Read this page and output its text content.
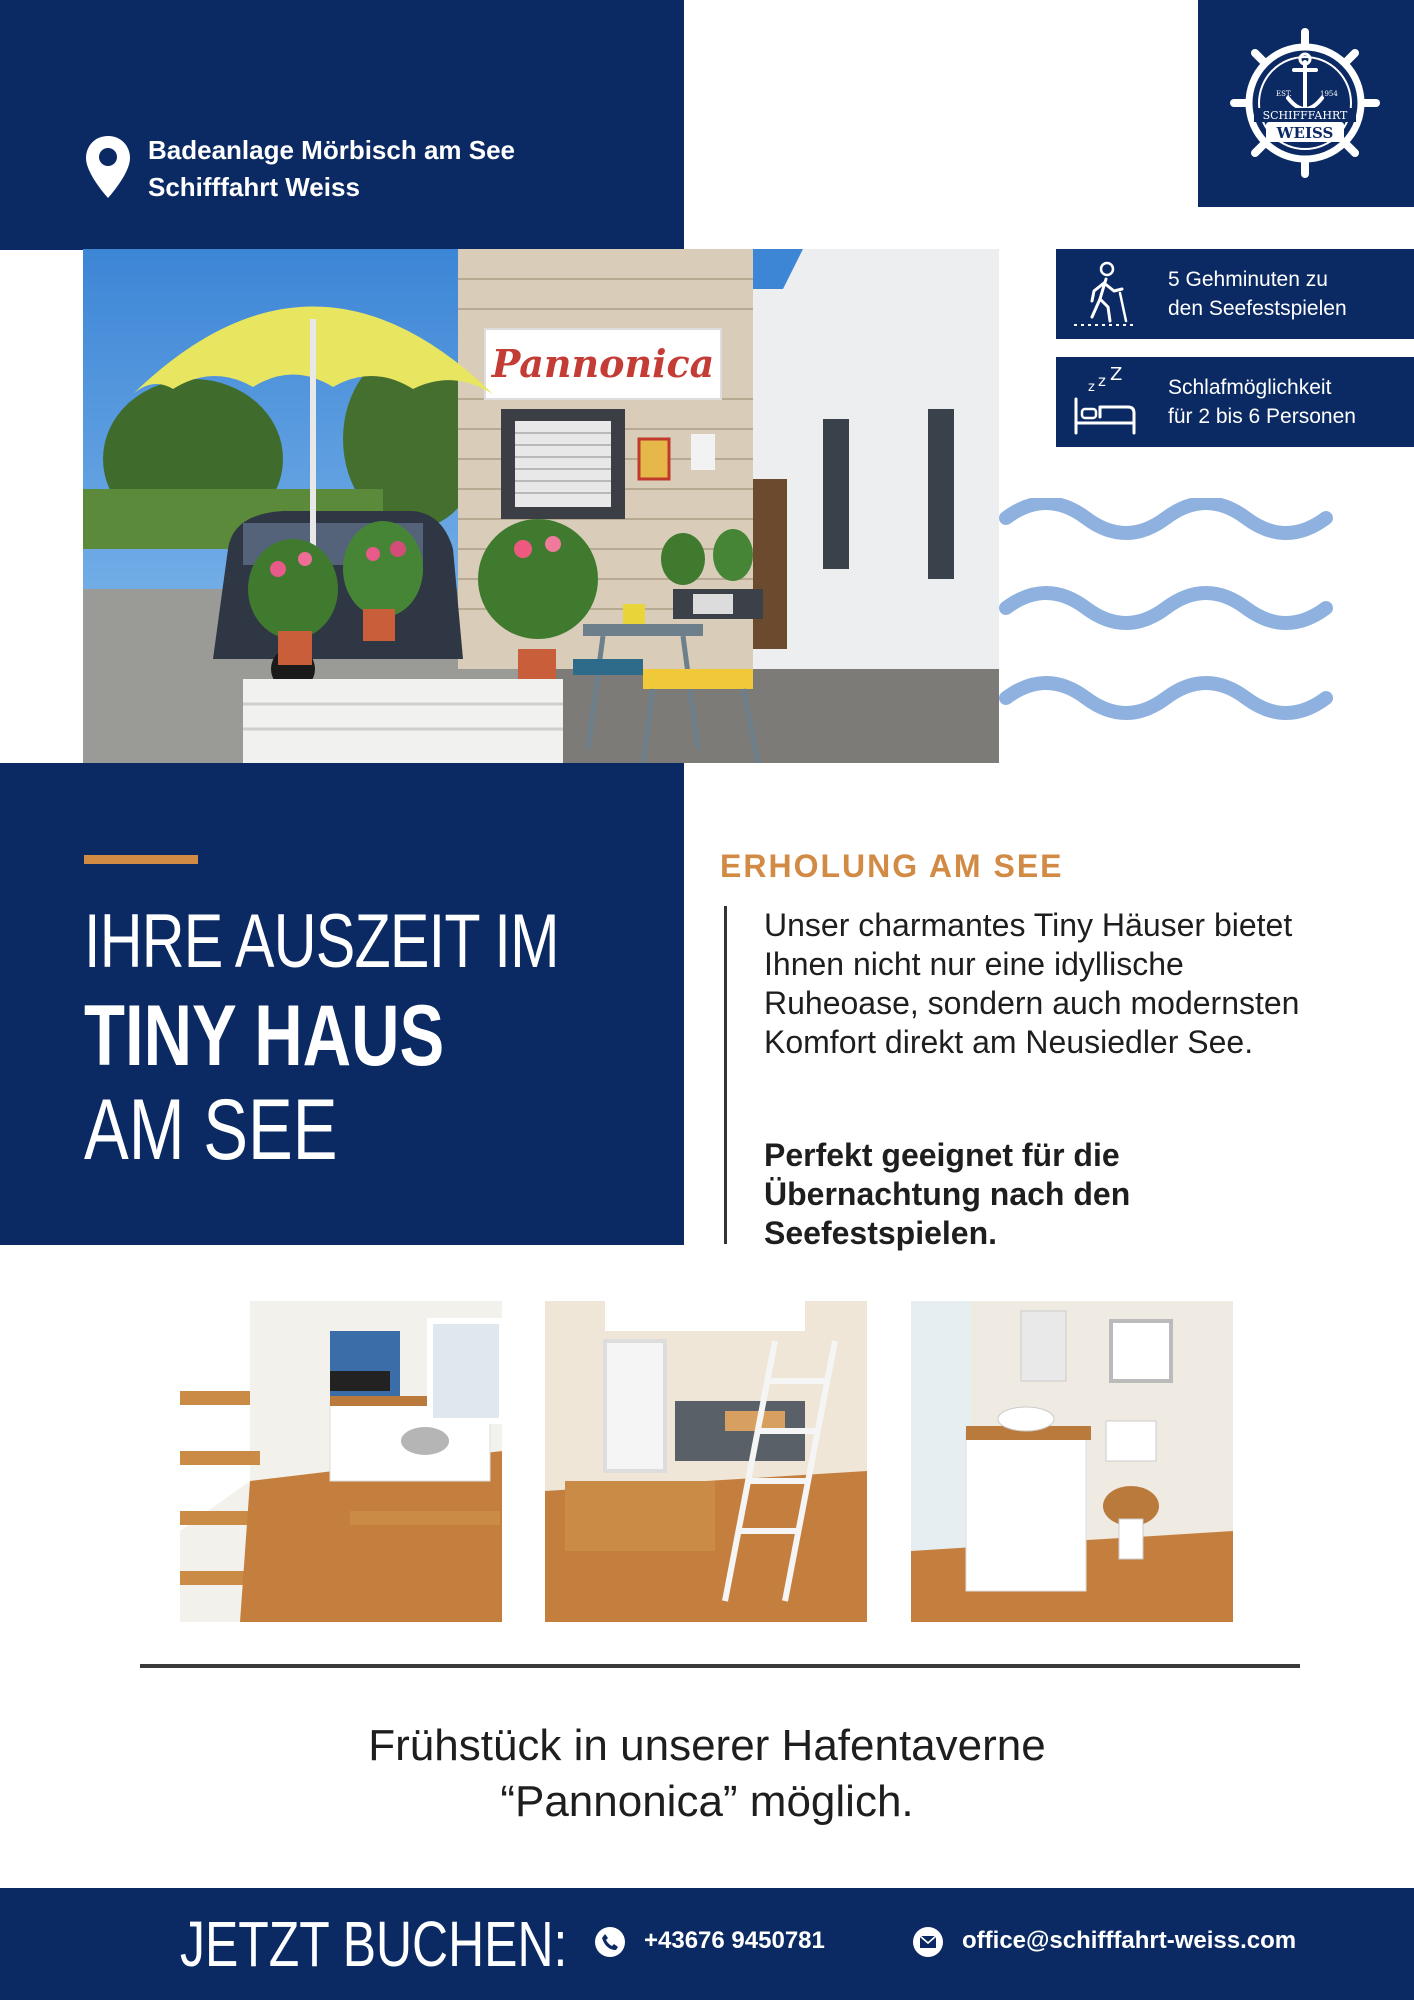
Badeanlage Mörbisch am See
Schifffahrt Weiss
EST.	1954
SCHIFFFAHRT
WEISS
Pannonica
5 Gehminuten zu
den Seefestspielen
z z Z
Schlafmöglichkeit
für 2 bis 6 Personen
IHRE AUSZEIT IM
TINY HAUS
AM SEE
ERHOLUNG AM SEE
Unser charmantes Tiny Häuser bietet Ihnen nicht nur eine idyllische Ruheoase, sondern auch modernsten Komfort direkt am Neusiedler See.
Perfekt geeignet für die Übernachtung nach den Seefestspielen.
Frühstück in unserer Hafentaverne
“Pannonica” möglich.
JETZT BUCHEN:	+43676 9450781	office@schifffahrt-weiss.com
